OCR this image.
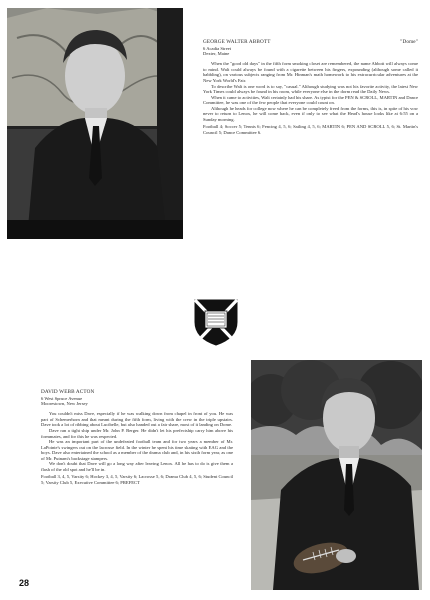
GEORGE WALTER ABBOTT	"Dome"
6 Acadia Street
Dexter, Maine

When the "good old days" in the fifth form smoking closet are remembered, the name Abbott will always come to mind. Walt could always be found with a cigarette between his fingers, expounding (although some called it babbling), on various subjects ranging from Mr. Hinman's math homework to his extracurricular adventures at the New York World's Fair.

To describe Walt is one word is to say, "casual." Although studying was not his favorite activity, the latest New York Times could always be found in his room, while everyone else in the dorm read the Daily News.

When it came to activities, Walt certainly had his share. As typist for the PEN & SCROLL, MARTIN and Dance Committee, he was one of the few people that everyone could count on.

Although he heads for college now where he can be completely freed from the forms, this is, in spite of his vow never to return to Lenox, he will come back, even if only to see what the Head's house looks like at 6:55 on a Sunday morning.

Football 4; Soccer 5; Tennis 6; Fencing 4, 5, 6; Sailing 4, 5, 6; MARTIN 6; PEN AND SCROLL 5, 6; St. Martin's Council 5; Dance Committee 6.
DAVID WEBB ACTON
6 West Spruce Avenue
Moorestown, New Jersey

You couldn't miss Dave, especially if he was walking down from chapel in front of you. He was part of Schemerhorn and that meant during the fifth form, living with the crew in the triple upstairs. Dave took a lot of ribbing about Lucibelle, but also handed out a fair share, most of it landing on Dome.

Dave ran a tight ship under Mr. John P. Berger. He didn't let his prefectship carry him above his formmates, and for this he was respected.

He was an important part of the undefeated football team and for two years a member of Mr. LaPointe's swingers out on the lacrosse field. In the winter he spent his time skating with EAG and the boys. Dave also entertained the school as a member of the drama club and, in his sixth form year, as one of Mr. Putnam's backstage stampers.

We don't doubt that Dave will go a long way after leaving Lenox. All he has to do is give them a flash of the old spot and he'll be in.

Football 3, 4, 5, Varsity 6; Hockey 3, 4, 5, Varsity 6; Lacrosse 5, 6; Drama Club 4, 5, 6; Student Council 5; Varsity Club 5, Executive Committee 6; PREFECT
28
